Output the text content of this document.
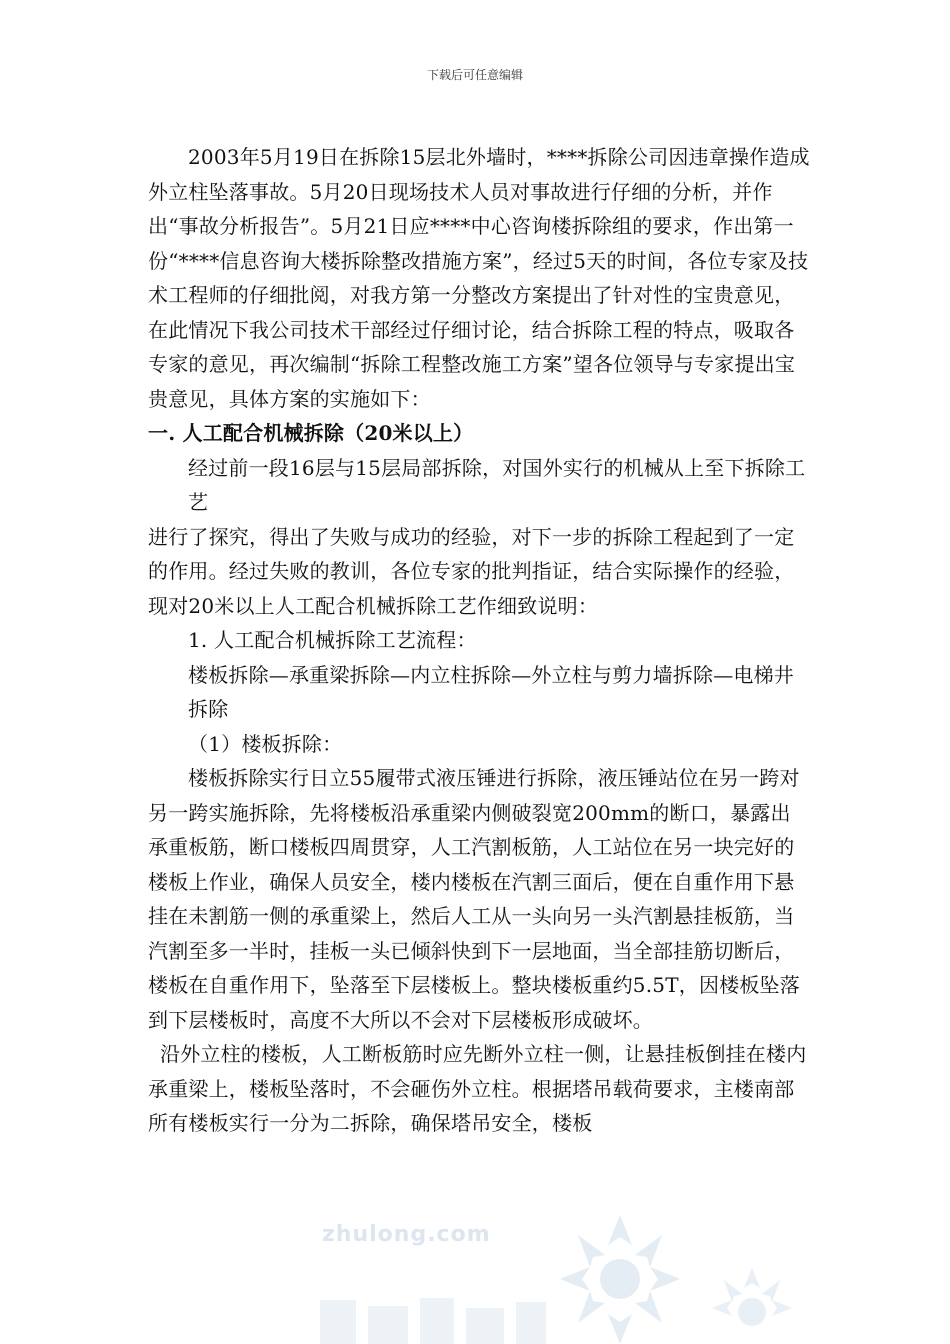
下载后可任意编辑

2003年5月19日在拆除15层北外墙时，****拆除公司因违章操作造成外立柱坠落事故。5月20日现场技术人员对事故进行仔细的分析，并作出“事故分析报告”。5月21日应****中心咨询楼拆除组的要求，作出第一份“****信息咨询大楼拆除整改措施方案”，经过5天的时间，各位专家及技术工程师的仔细批阅，对我方第一分整改方案提出了针对性的宝贵意见，在此情况下我公司技术干部经过仔细讨论，结合拆除工程的特点，吸取各专家的意见，再次编制“拆除工程整改施工方案”望各位领导与专家提出宝贵意见，具体方案的实施如下：

一. 人工配合机械拆除（20米以上）

经过前一段16层与15层局部拆除，对国外实行的机械从上至下拆除工艺

进行了探究，得出了失败与成功的经验，对下一步的拆除工程起到了一定的作用。经过失败的教训，各位专家的批判指证，结合实际操作的经验，现对20米以上人工配合机械拆除工艺作细致说明：

1. 人工配合机械拆除工艺流程：

楼板拆除—承重梁拆除—内立柱拆除—外立柱与剪力墙拆除—电梯井拆除

（1）楼板拆除：

楼板拆除实行日立55履带式液压锤进行拆除，液压锤站位在另一跨对另一跨实施拆除，先将楼板沿承重梁内侧破裂宽200mm的断口，暴露出承重板筋，断口楼板四周贯穿，人工汽割板筋，人工站位在另一块完好的楼板上作业，确保人员安全，楼内楼板在汽割三面后，便在自重作用下悬挂在未割筋一侧的承重梁上，然后人工从一头向另一头汽割悬挂板筋，当汽割至多一半时，挂板一头已倾斜快到下一层地面，当全部挂筋切断后，楼板在自重作用下，坠落至下层楼板上。整块楼板重约5.5T，因楼板坠落到下层楼板时，高度不大所以不会对下层楼板形成破坏。

沿外立柱的楼板，人工断板筋时应先断外立柱一侧，让悬挂板倒挂在楼内承重梁上，楼板坠落时，不会砸伤外立柱。根据塔吊载荷要求，主楼南部所有楼板实行一分为二拆除，确保塔吊安全，楼板

zhulong.com
